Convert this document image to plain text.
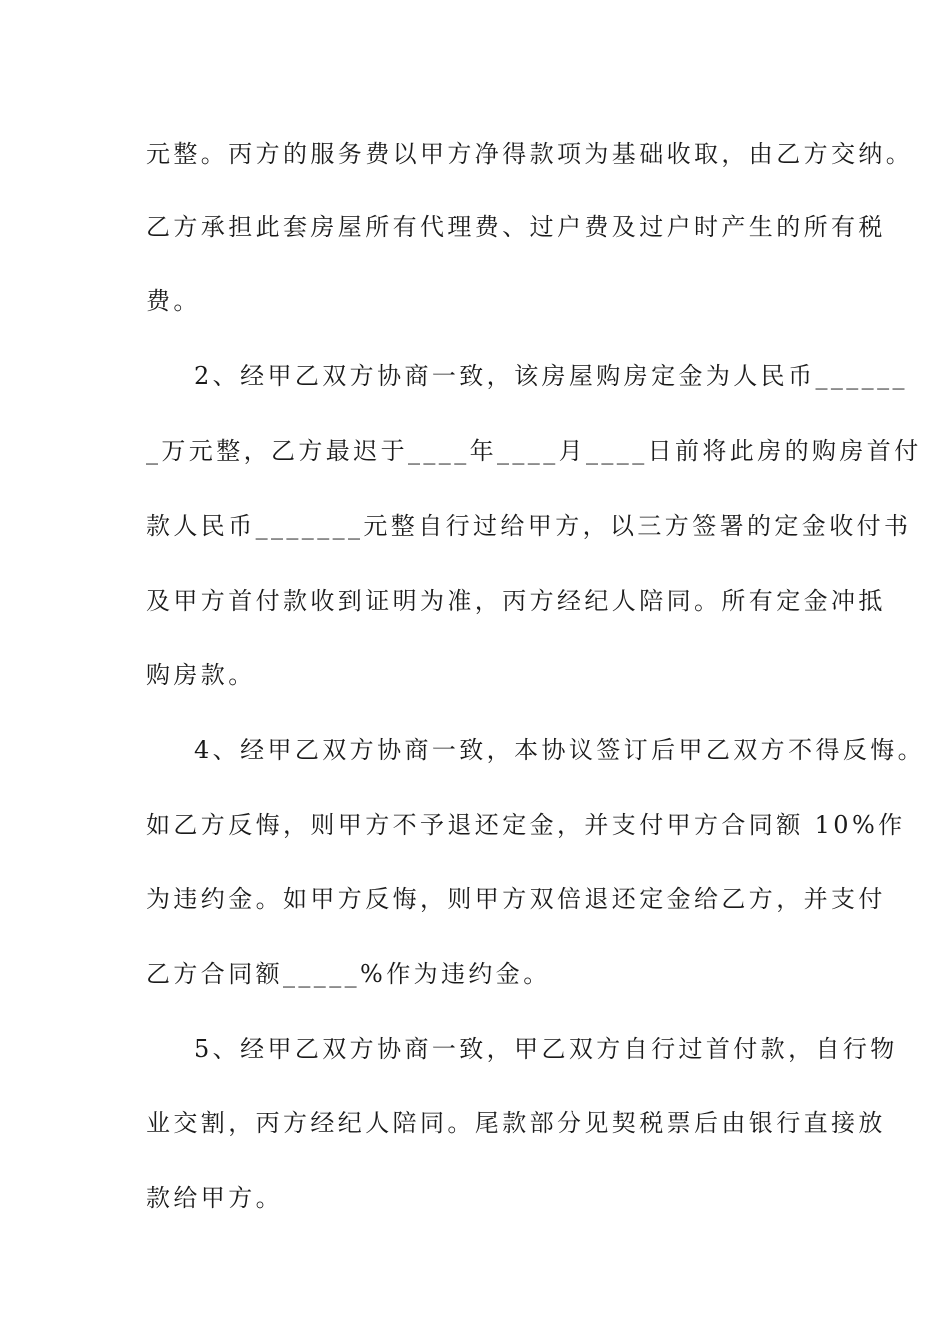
元整。丙方的服务费以甲方净得款项为基础收取，由乙方交纳。
乙方承担此套房屋所有代理费、过户费及过户时产生的所有税
费。
2、经甲乙双方协商一致，该房屋购房定金为人民币______
_万元整，乙方最迟于____年____月____日前将此房的购房首付
款人民币_______元整自行过给甲方，以三方签署的定金收付书
及甲方首付款收到证明为准，丙方经纪人陪同。所有定金冲抵
购房款。
4、经甲乙双方协商一致，本协议签订后甲乙双方不得反悔。
如乙方反悔，则甲方不予退还定金，并支付甲方合同额 10%作
为违约金。如甲方反悔，则甲方双倍退还定金给乙方，并支付
乙方合同额_____%作为违约金。
5、经甲乙双方协商一致，甲乙双方自行过首付款，自行物
业交割，丙方经纪人陪同。尾款部分见契税票后由银行直接放
款给甲方。
